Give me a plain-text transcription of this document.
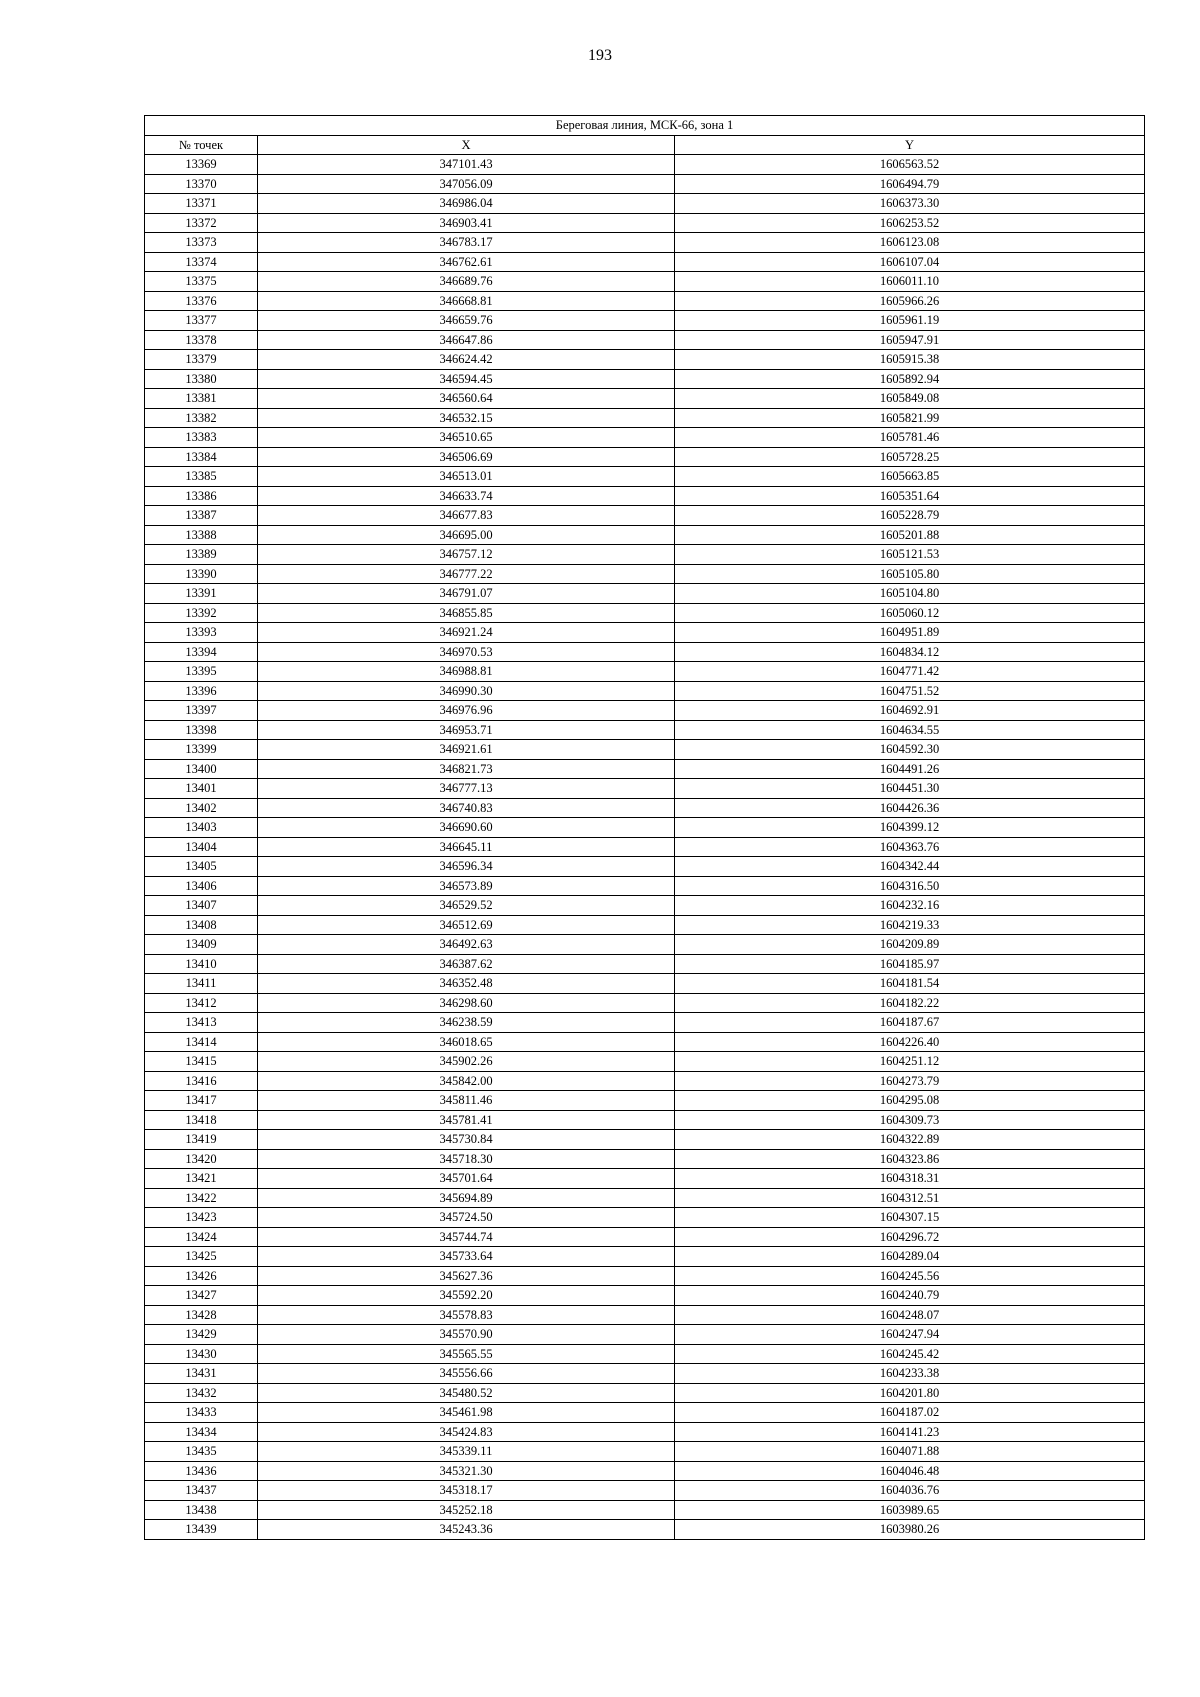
193
Береговая линия, МСК-66, зона 1		
№ точек	X	Y
13369	347101.43	1606563.52
13370	347056.09	1606494.79
13371	346986.04	1606373.30
13372	346903.41	1606253.52
13373	346783.17	1606123.08
13374	346762.61	1606107.04
13375	346689.76	1606011.10
13376	346668.81	1605966.26
13377	346659.76	1605961.19
13378	346647.86	1605947.91
13379	346624.42	1605915.38
13380	346594.45	1605892.94
13381	346560.64	1605849.08
13382	346532.15	1605821.99
13383	346510.65	1605781.46
13384	346506.69	1605728.25
13385	346513.01	1605663.85
13386	346633.74	1605351.64
13387	346677.83	1605228.79
13388	346695.00	1605201.88
13389	346757.12	1605121.53
13390	346777.22	1605105.80
13391	346791.07	1605104.80
13392	346855.85	1605060.12
13393	346921.24	1604951.89
13394	346970.53	1604834.12
13395	346988.81	1604771.42
13396	346990.30	1604751.52
13397	346976.96	1604692.91
13398	346953.71	1604634.55
13399	346921.61	1604592.30
13400	346821.73	1604491.26
13401	346777.13	1604451.30
13402	346740.83	1604426.36
13403	346690.60	1604399.12
13404	346645.11	1604363.76
13405	346596.34	1604342.44
13406	346573.89	1604316.50
13407	346529.52	1604232.16
13408	346512.69	1604219.33
13409	346492.63	1604209.89
13410	346387.62	1604185.97
13411	346352.48	1604181.54
13412	346298.60	1604182.22
13413	346238.59	1604187.67
13414	346018.65	1604226.40
13415	345902.26	1604251.12
13416	345842.00	1604273.79
13417	345811.46	1604295.08
13418	345781.41	1604309.73
13419	345730.84	1604322.89
13420	345718.30	1604323.86
13421	345701.64	1604318.31
13422	345694.89	1604312.51
13423	345724.50	1604307.15
13424	345744.74	1604296.72
13425	345733.64	1604289.04
13426	345627.36	1604245.56
13427	345592.20	1604240.79
13428	345578.83	1604248.07
13429	345570.90	1604247.94
13430	345565.55	1604245.42
13431	345556.66	1604233.38
13432	345480.52	1604201.80
13433	345461.98	1604187.02
13434	345424.83	1604141.23
13435	345339.11	1604071.88
13436	345321.30	1604046.48
13437	345318.17	1604036.76
13438	345252.18	1603989.65
13439	345243.36	1603980.26
